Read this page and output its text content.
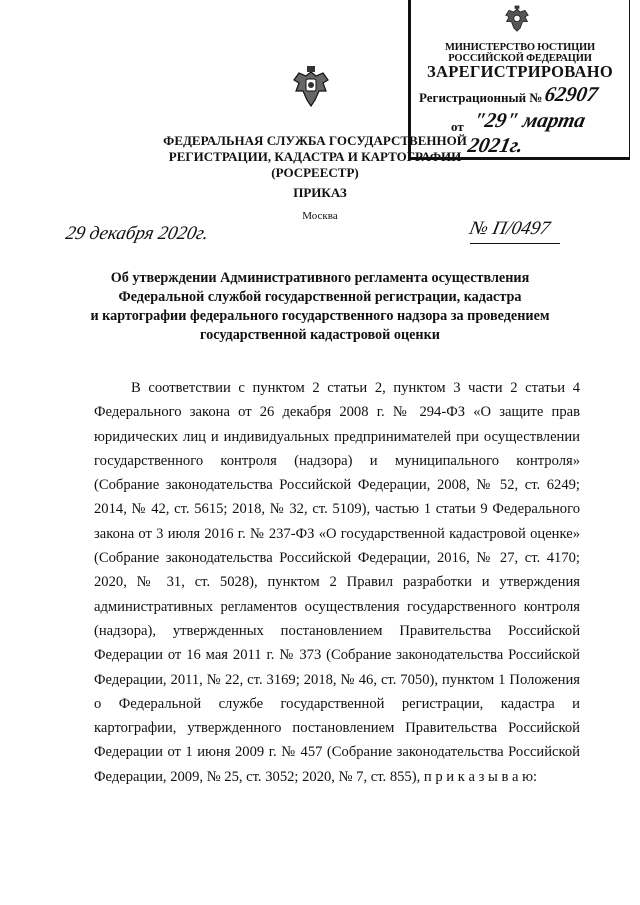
МИНИСТЕРСТВО ЮСТИЦИИ РОССИЙСКОЙ ФЕДЕРАЦИИ
ЗАРЕГИСТРИРОВАНО
Регистрационный № 62907
от "29" марта 2021г.
ФЕДЕРАЛЬНАЯ СЛУЖБА ГОСУДАРСТВЕННОЙ
РЕГИСТРАЦИИ, КАДАСТРА И КАРТОГРАФИИ
(РОСРЕЕСТР)
ПРИКАЗ
Москва
29 декабря 2020г.	№ П/0497
Об утверждении Административного регламента осуществления
Федеральной службой государственной регистрации, кадастра
и картографии федерального государственного надзора за проведением
государственной кадастровой оценки
В соответствии с пунктом 2 статьи 2, пунктом 3 части 2 статьи 4 Федерального закона от 26 декабря 2008 г. № 294-ФЗ «О защите прав юридических лиц и индивидуальных предпринимателей при осуществлении государственного контроля (надзора) и муниципального контроля» (Собрание законодательства Российской Федерации, 2008, № 52, ст. 6249; 2014, № 42, ст. 5615; 2018, № 32, ст. 5109), частью 1 статьи 9 Федерального закона от 3 июля 2016 г. № 237-ФЗ «О государственной кадастровой оценке» (Собрание законодательства Российской Федерации, 2016, № 27, ст. 4170; 2020, № 31, ст. 5028), пунктом 2 Правил разработки и утверждения административных регламентов осуществления государственного контроля (надзора), утвержденных постановлением Правительства Российской Федерации от 16 мая 2011 г. № 373 (Собрание законодательства Российской Федерации, 2011, № 22, ст. 3169; 2018, № 46, ст. 7050), пунктом 1 Положения о Федеральной службе государственной регистрации, кадастра и картографии, утвержденного постановлением Правительства Российской Федерации от 1 июня 2009 г. № 457 (Собрание законодательства Российской Федерации, 2009, № 25, ст. 3052; 2020, № 7, ст. 855), п р и к а з ы в а ю:
